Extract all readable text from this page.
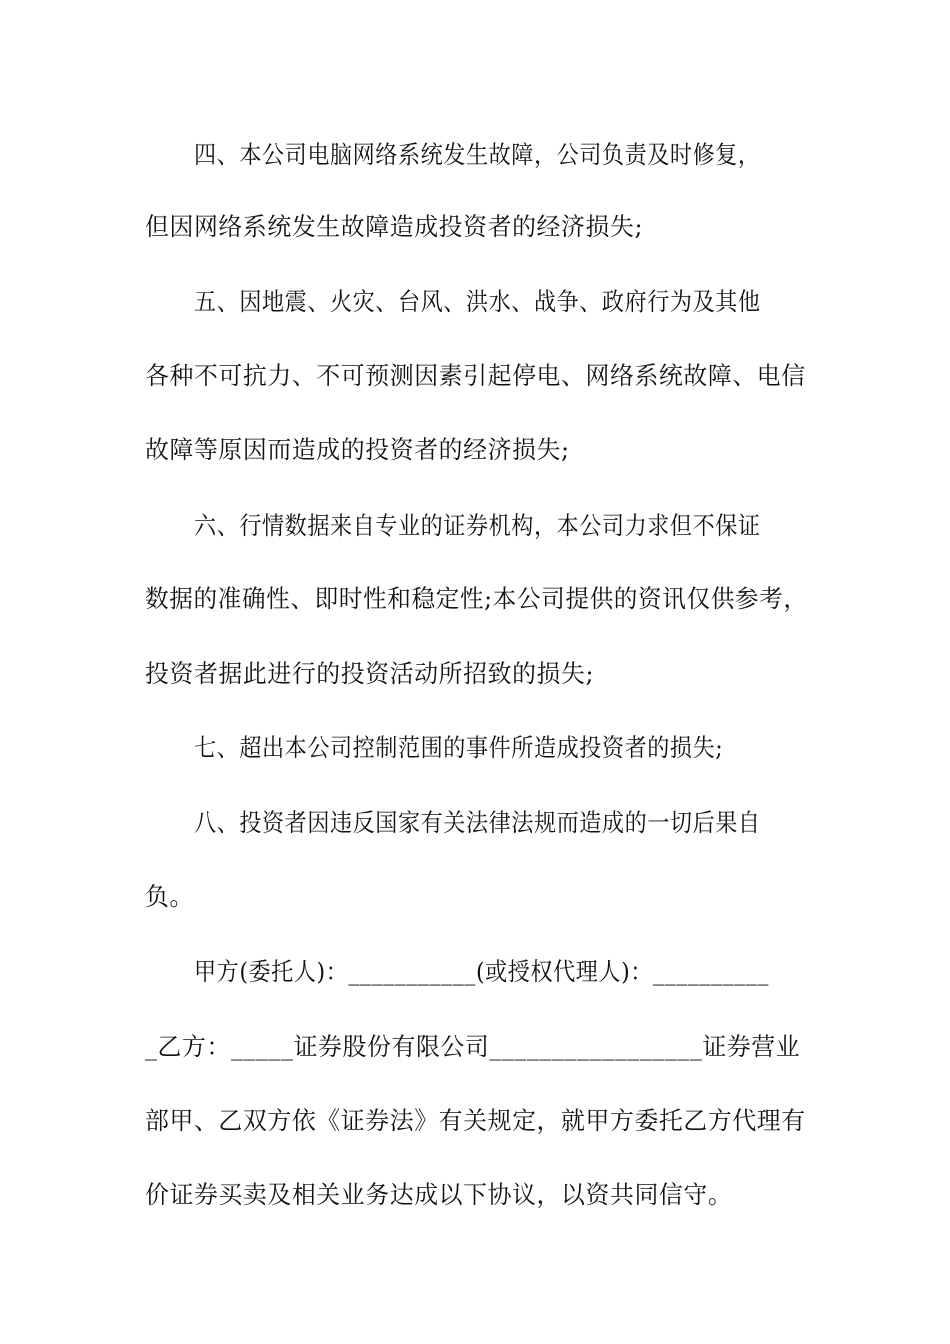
四、本公司电脑网络系统发生故障，公司负责及时修复，
但因网络系统发生故障造成投资者的经济损失;
五、因地震、火灾、台风、洪水、战争、政府行为及其他
各种不可抗力、不可预测因素引起停电、网络系统故障、电信
故障等原因而造成的投资者的经济损失;
六、行情数据来自专业的证券机构，本公司力求但不保证
数据的准确性、即时性和稳定性;本公司提供的资讯仅供参考，
投资者据此进行的投资活动所招致的损失;
七、超出本公司控制范围的事件所造成投资者的损失;
八、投资者因违反国家有关法律法规而造成的一切后果自
负。
甲方(委托人)：___________(或授权代理人)：__________
_乙方：_____证券股份有限公司_________________证券营业
部甲、乙双方依《证券法》有关规定，就甲方委托乙方代理有
价证券买卖及相关业务达成以下协议，以资共同信守。
